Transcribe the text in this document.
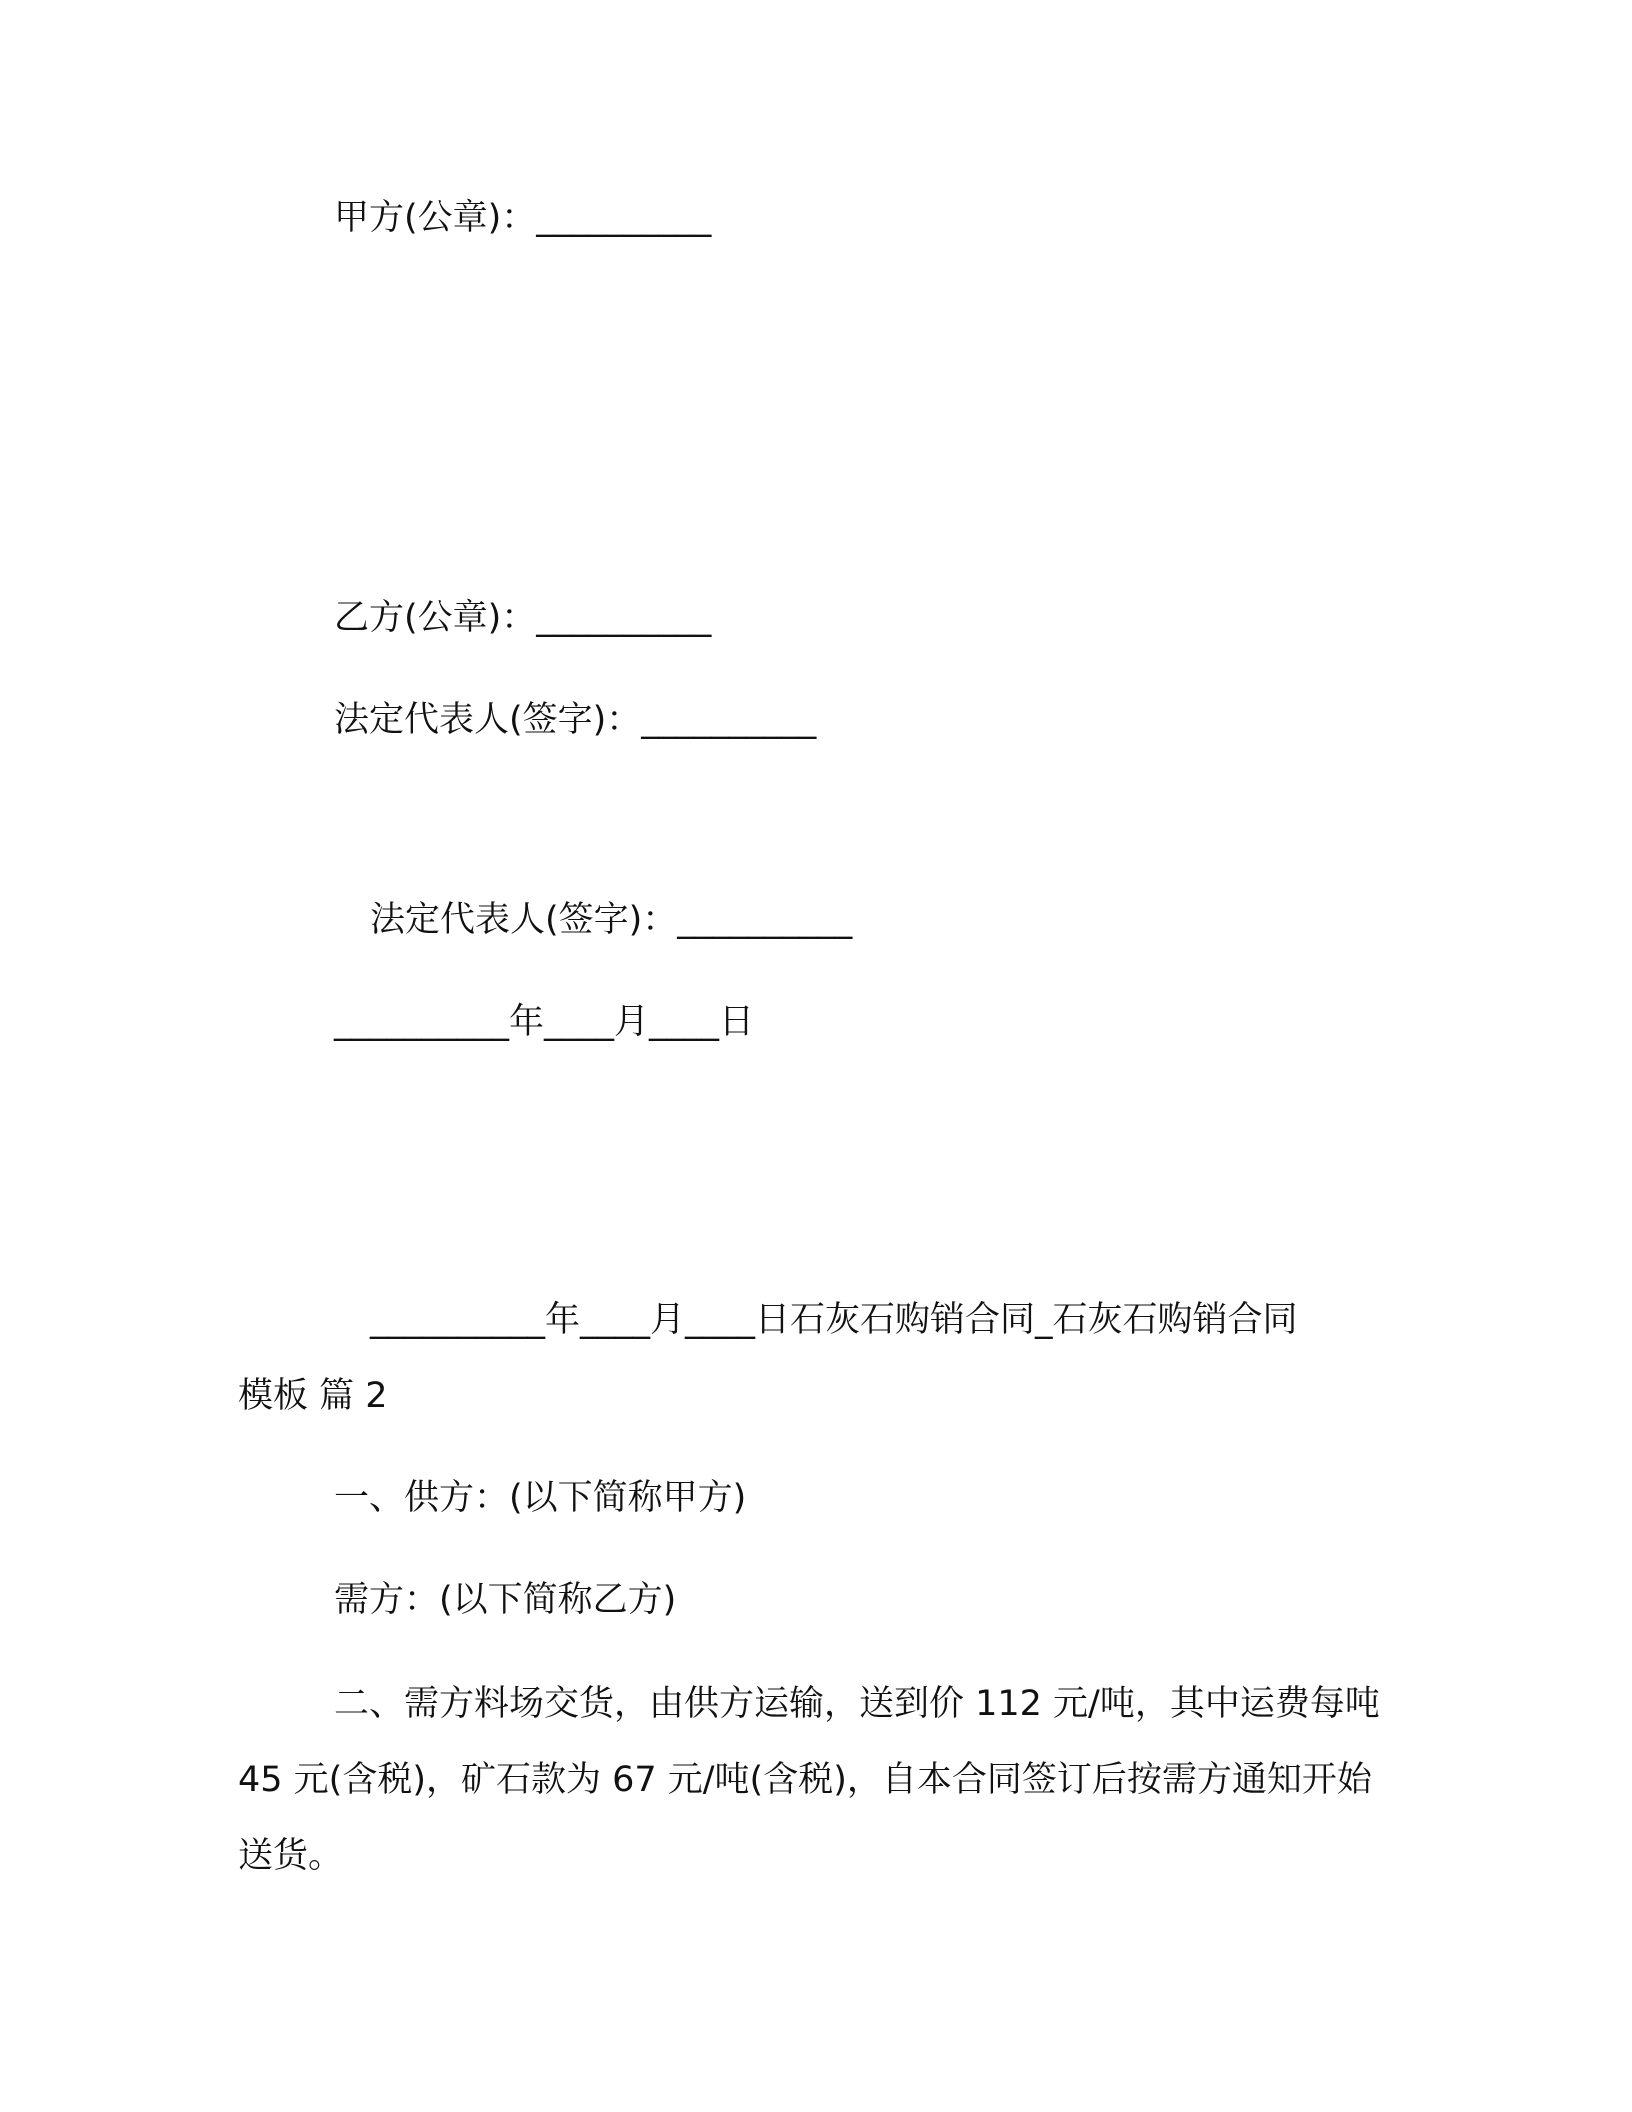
甲方(公章)：__________
乙方(公章)：__________
法定代表人(签字)：__________
法定代表人(签字)：__________
__________年____月____日
__________年____月____日石灰石购销合同_石灰石购销合同
模板 篇 2
一、供方：(以下简称甲方)
需方：(以下简称乙方)
二、需方料场交货，由供方运输，送到价 112 元/吨，其中运费每吨 45 元(含税)，矿石款为 67 元/吨(含税)，自本合同签订后按需方通知开始送货。
